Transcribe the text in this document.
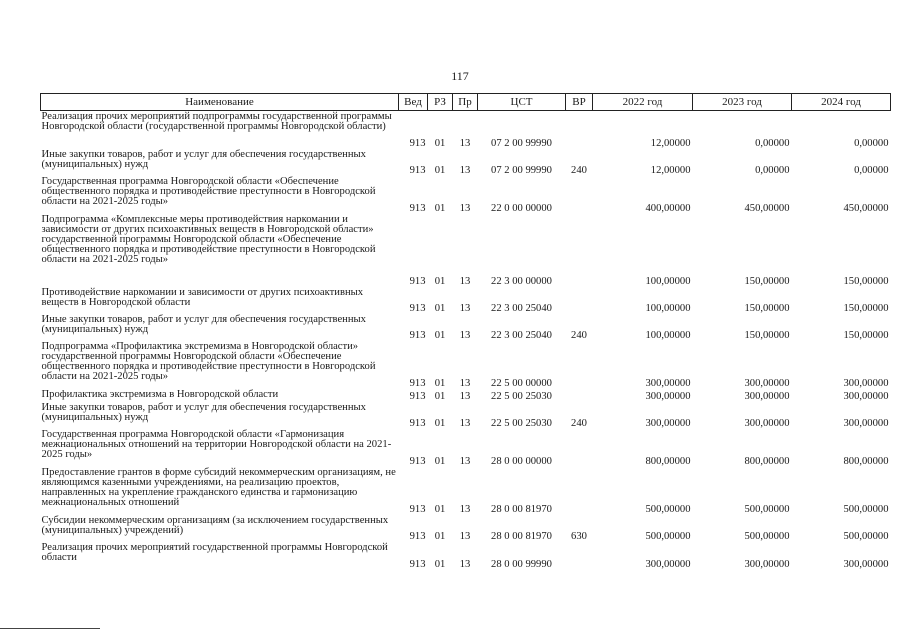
117
Наименование	Вед	РЗ	Пр	ЦСТ	ВР	2022 год	2023 год	2024 год
Реализация прочих мероприятий подпрограммы государственной программы Новгородской области (государственной программы Новгородской области)	913	01	13	07 2 00 99990		12,00000	0,00000	0,00000
Иные закупки товаров, работ и услуг для обеспечения государственных (муниципальных) нужд	913	01	13	07 2 00 99990	240	12,00000	0,00000	0,00000
Государственная программа Новгородской области «Обеспечение общественного порядка и противодействие преступности в Новгородской области на 2021-2025 годы»	913	01	13	22 0 00 00000		400,00000	450,00000	450,00000
Подпрограмма «Комплексные меры противодействия наркомании и зависимости от других психоактивных веществ в Новгородской области» государственной программы Новгородской области «Обеспечение общественного порядка и противодействие преступности в Новгородской области на 2021-2025 годы»	913	01	13	22 3 00 00000		100,00000	150,00000	150,00000
Противодействие наркомании и зависимости от других психоактивных веществ в Новгородской области	913	01	13	22 3 00 25040		100,00000	150,00000	150,00000
Иные закупки товаров, работ и услуг для обеспечения государственных (муниципальных) нужд	913	01	13	22 3 00 25040	240	100,00000	150,00000	150,00000
Подпрограмма «Профилактика экстремизма в Новгородской области» государственной программы Новгородской области «Обеспечение общественного порядка и противодействие преступности в Новгородской области на 2021-2025 годы»	913	01	13	22 5 00 00000		300,00000	300,00000	300,00000
Профилактика экстремизма в Новгородской области	913	01	13	22 5 00 25030		300,00000	300,00000	300,00000
Иные закупки товаров, работ и услуг для обеспечения государственных (муниципальных) нужд	913	01	13	22 5 00 25030	240	300,00000	300,00000	300,00000
Государственная программа Новгородской области «Гармонизация межнациональных отношений на территории Новгородской области на 2021-2025 годы»	913	01	13	28 0 00 00000		800,00000	800,00000	800,00000
Предоставление грантов в форме субсидий некоммерческим организациям, не являющимся казенными учреждениями, на реализацию проектов, направленных на укрепление гражданского единства и гармонизацию межнациональных отношений	913	01	13	28 0 00 81970		500,00000	500,00000	500,00000
Субсидии некоммерческим организациям (за исключением государственных (муниципальных) учреждений)	913	01	13	28 0 00 81970	630	500,00000	500,00000	500,00000
Реализация прочих мероприятий государственной программы Новгородской области	913	01	13	28 0 00 99990		300,00000	300,00000	300,00000
